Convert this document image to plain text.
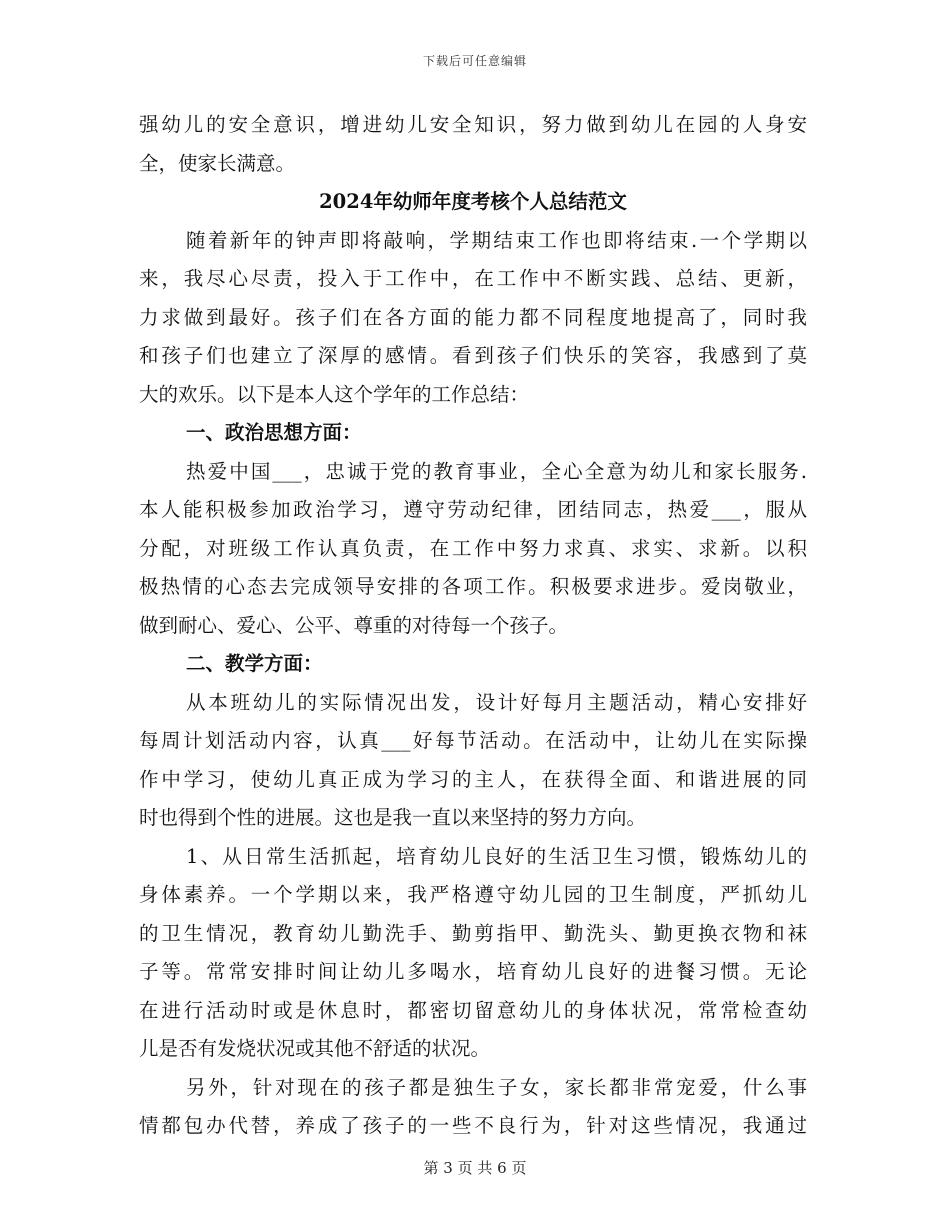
下载后可任意编辑
强幼儿的安全意识，增进幼儿安全知识，努力做到幼儿在园的人身安
全，使家长满意。
2024年幼师年度考核个人总结范文
随着新年的钟声即将敲响，学期结束工作也即将结束.一个学期以
来，我尽心尽责，投入于工作中，在工作中不断实践、总结、更新，
力求做到最好。孩子们在各方面的能力都不同程度地提高了，同时我
和孩子们也建立了深厚的感情。看到孩子们快乐的笑容，我感到了莫
大的欢乐。以下是本人这个学年的工作总结：
一、政治思想方面：
热爱中国___，忠诚于党的教育事业，全心全意为幼儿和家长服务.
本人能积极参加政治学习，遵守劳动纪律，团结同志，热爱___，服从
分配，对班级工作认真负责，在工作中努力求真、求实、求新。以积
极热情的心态去完成领导安排的各项工作。积极要求进步。爱岗敬业，
做到耐心、爱心、公平、尊重的对待每一个孩子。
二、教学方面：
从本班幼儿的实际情况出发，设计好每月主题活动，精心安排好
每周计划活动内容，认真___好每节活动。在活动中，让幼儿在实际操
作中学习，使幼儿真正成为学习的主人，在获得全面、和谐进展的同
时也得到个性的进展。这也是我一直以来坚持的努力方向。
1、从日常生活抓起，培育幼儿良好的生活卫生习惯，锻炼幼儿的
身体素养。一个学期以来，我严格遵守幼儿园的卫生制度，严抓幼儿
的卫生情况，教育幼儿勤洗手、勤剪指甲、勤洗头、勤更换衣物和袜
子等。常常安排时间让幼儿多喝水，培育幼儿良好的进餐习惯。无论
在进行活动时或是休息时，都密切留意幼儿的身体状况，常常检查幼
儿是否有发烧状况或其他不舒适的状况。
另外，针对现在的孩子都是独生子女，家长都非常宠爱，什么事
情都包办代替，养成了孩子的一些不良行为，针对这些情况，我通过
第 3 页 共 6 页
